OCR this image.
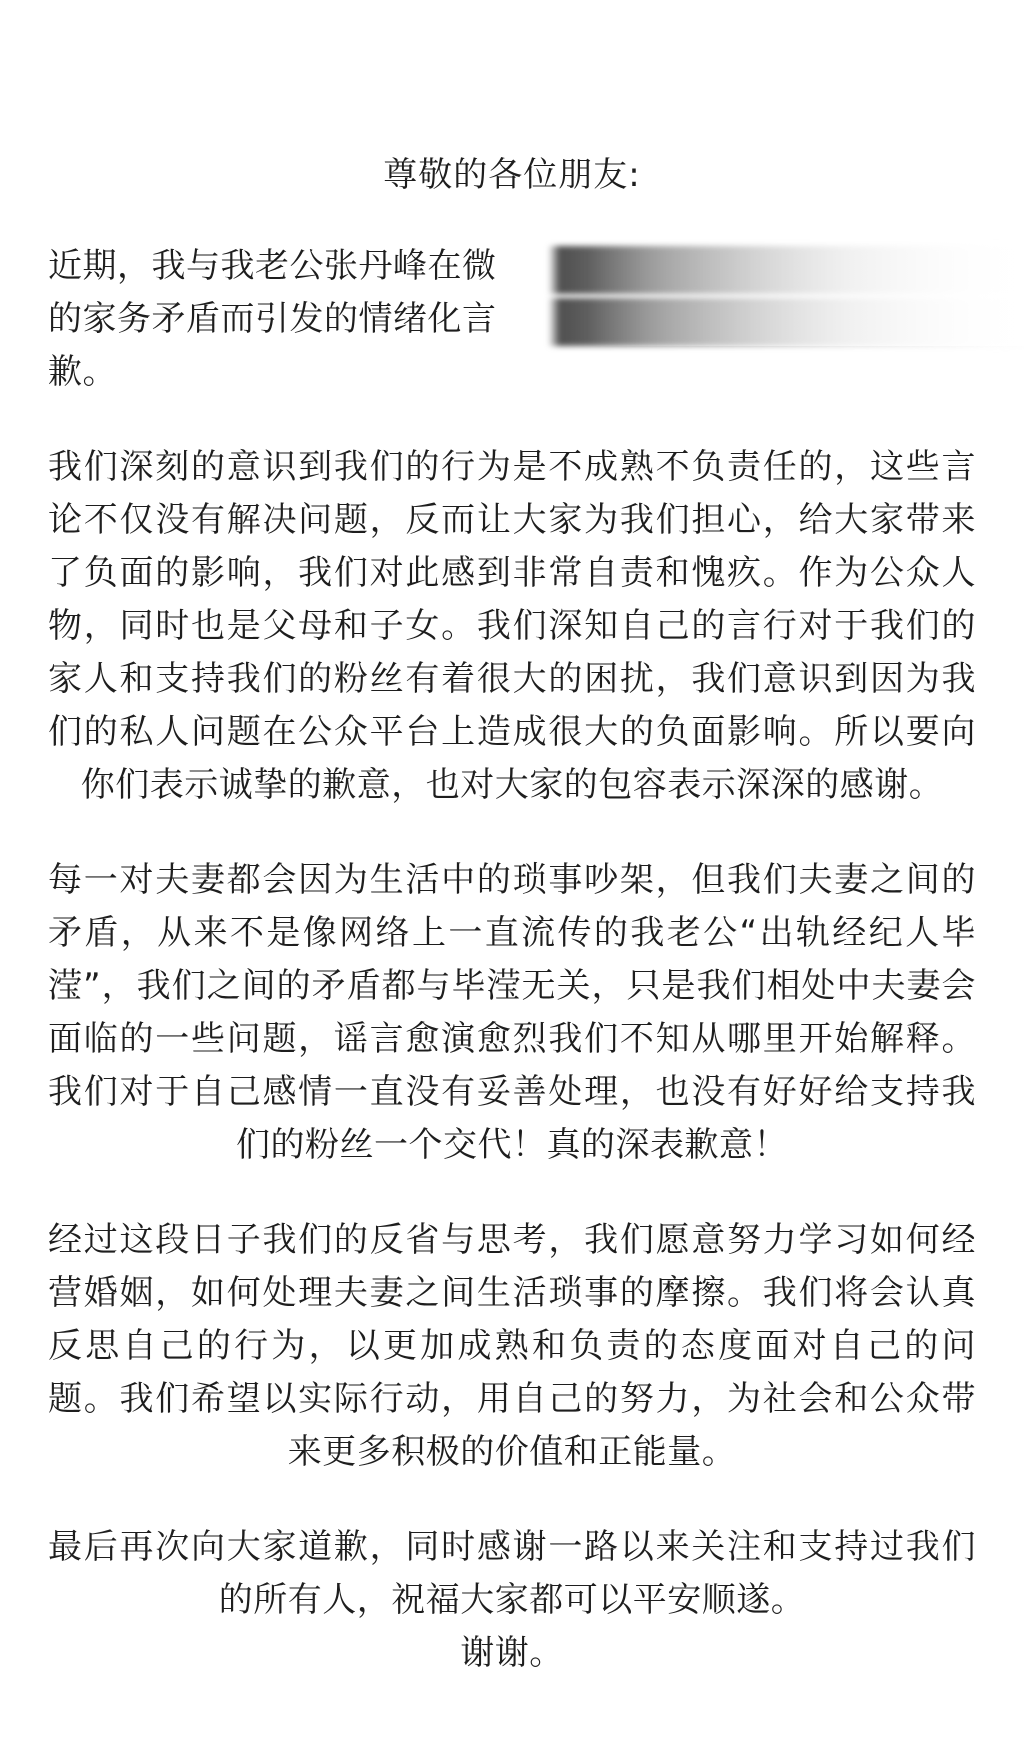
尊敬的各位朋友:

近期，我与我老公张丹峰在微
的家务矛盾而引发的情绪化言

歉。

我们深刻的意识到我们的行为是不成熟不负责任的，这些言论不仅没有解决问题，反而让大家为我们担心，给大家带来了负面的影响，我们对此感到非常自责和愧疚。作为公众人物，同时也是父母和子女。我们深知自己的言行对于我们的家人和支持我们的粉丝有着很大的困扰，我们意识到因为我们的私人问题在公众平台上造成很大的负面影响。所以要向你们表示诚挚的歉意，也对大家的包容表示深深的感谢。

每一对夫妻都会因为生活中的琐事吵架，但我们夫妻之间的矛盾，从来不是像网络上一直流传的我老公“出轨经纪人毕滢”，我们之间的矛盾都与毕滢无关，只是我们相处中夫妻会面临的一些问题，谣言愈演愈烈我们不知从哪里开始解释。我们对于自己感情一直没有妥善处理，也没有好好给支持我们的粉丝一个交代！真的深表歉意！

经过这段日子我们的反省与思考，我们愿意努力学习如何经营婚姻，如何处理夫妻之间生活琐事的摩擦。我们将会认真反思自己的行为，以更加成熟和负责的态度面对自己的问题。我们希望以实际行动，用自己的努力，为社会和公众带来更多积极的价值和正能量。

最后再次向大家道歉，同时感谢一路以来关注和支持过我们的所有人，祝福大家都可以平安顺遂。

谢谢。
